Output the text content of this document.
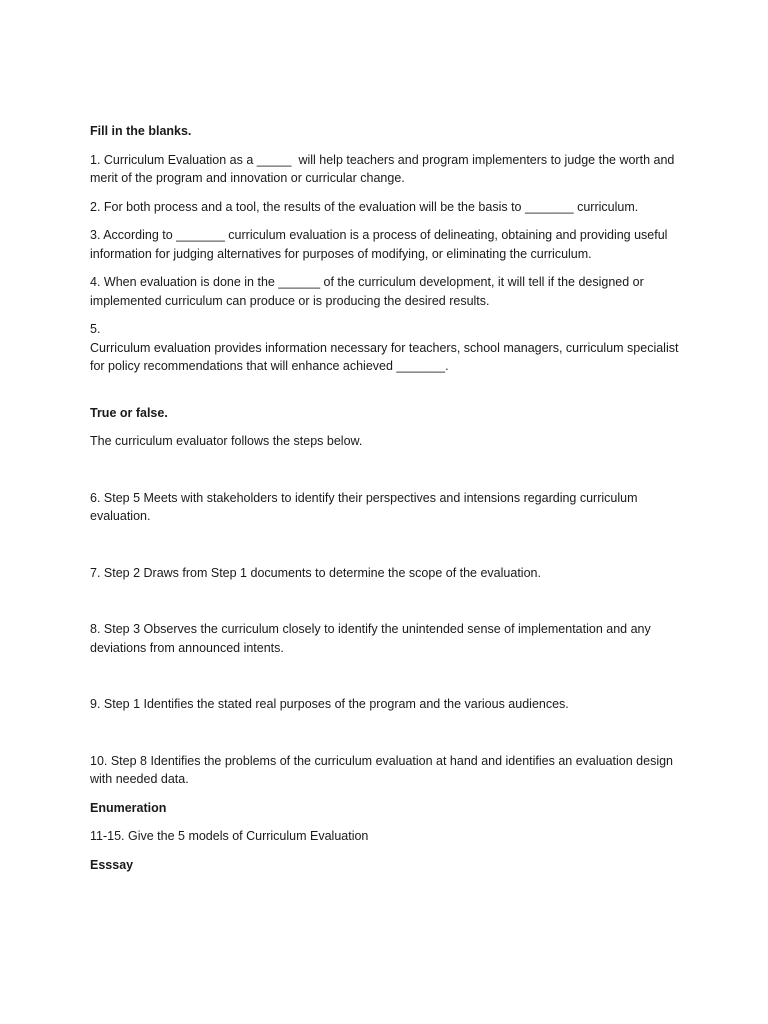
Fill in the blanks.

1. Curriculum Evaluation as a _____  will help teachers and program implementers to judge the worth and merit of the program and innovation or curricular change.

2. For both process and a tool, the results of the evaluation will be the basis to _______ curriculum.

3. According to _______ curriculum evaluation is a process of delineating, obtaining and providing useful information for judging alternatives for purposes of modifying, or eliminating the curriculum.

4. When evaluation is done in the ______ of the curriculum development, it will tell if the designed or implemented curriculum can produce or is producing the desired results.

5.

Curriculum evaluation provides information necessary for teachers, school managers, curriculum specialist for policy recommendations that will enhance achieved _______.

True or false.

The curriculum evaluator follows the steps below.

6. Step 5 Meets with stakeholders to identify their perspectives and intensions regarding curriculum evaluation.

7. Step 2 Draws from Step 1 documents to determine the scope of the evaluation.

8. Step 3 Observes the curriculum closely to identify the unintended sense of implementation and any deviations from announced intents.

9. Step 1 Identifies the stated real purposes of the program and the various audiences.

10. Step 8 Identifies the problems of the curriculum evaluation at hand and identifies an evaluation design with needed data.

Enumeration

11-15. Give the 5 models of Curriculum Evaluation

Esssay
